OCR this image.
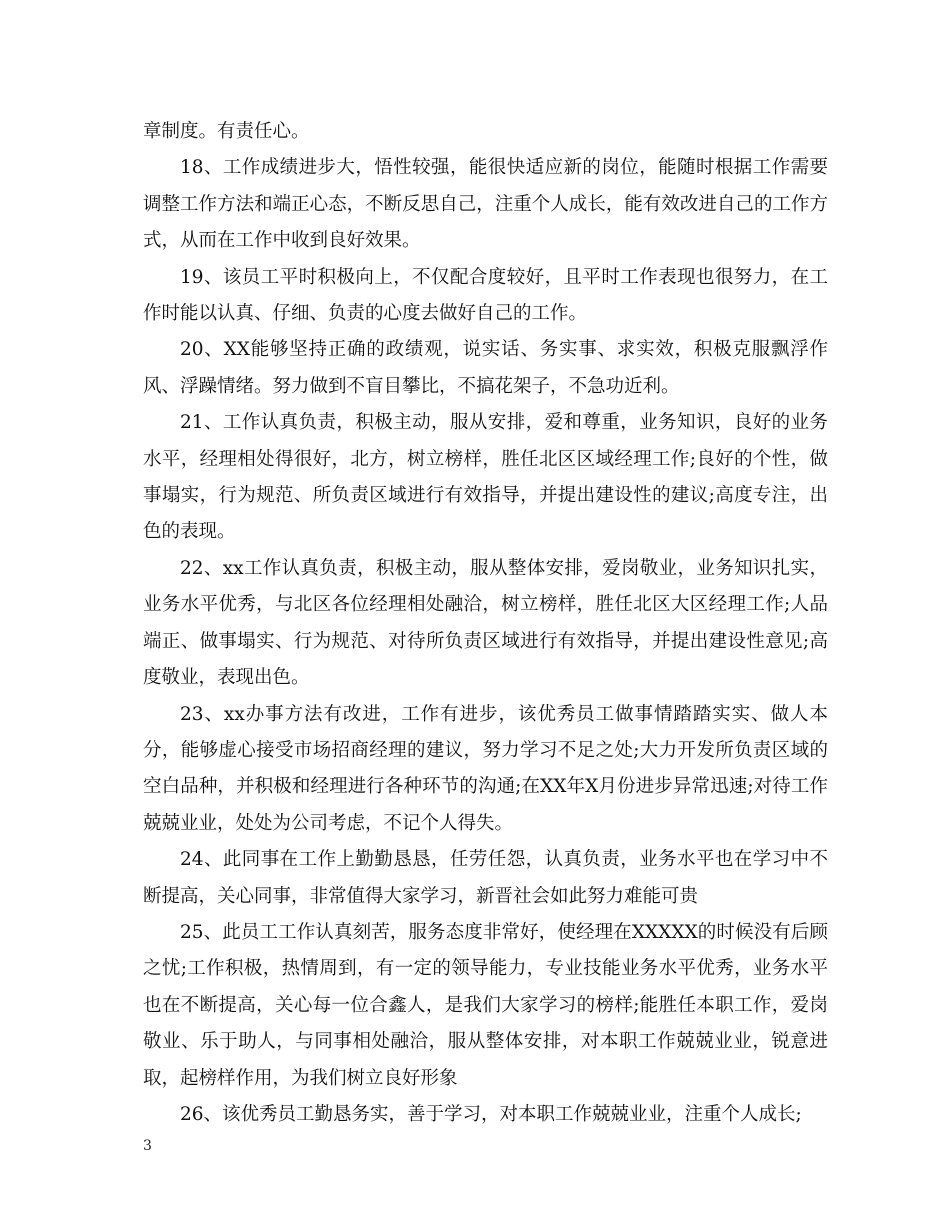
章制度。有责任心。

18、工作成绩进步大，悟性较强，能很快适应新的岗位，能随时根据工作需要调整工作方法和端正心态，不断反思自己，注重个人成长，能有效改进自己的工作方式，从而在工作中收到良好效果。

19、该员工平时积极向上，不仅配合度较好，且平时工作表现也很努力，在工作时能以认真、仔细、负责的心度去做好自己的工作。

20、XX能够坚持正确的政绩观，说实话、务实事、求实效，积极克服飘浮作风、浮躁情绪。努力做到不盲目攀比，不搞花架子，不急功近利。

21、工作认真负责，积极主动，服从安排，爱和尊重，业务知识，良好的业务水平，经理相处得很好，北方，树立榜样，胜任北区区域经理工作;良好的个性，做事塌实，行为规范、所负责区域进行有效指导，并提出建设性的建议;高度专注，出色的表现。

22、xx工作认真负责，积极主动，服从整体安排，爱岗敬业，业务知识扎实，业务水平优秀，与北区各位经理相处融洽，树立榜样，胜任北区大区经理工作;人品端正、做事塌实、行为规范、对待所负责区域进行有效指导，并提出建设性意见;高度敬业，表现出色。

23、xx办事方法有改进，工作有进步，该优秀员工做事情踏踏实实、做人本分，能够虚心接受市场招商经理的建议，努力学习不足之处;大力开发所负责区域的空白品种，并积极和经理进行各种环节的沟通;在XX年X月份进步异常迅速;对待工作兢兢业业，处处为公司考虑，不记个人得失。

24、此同事在工作上勤勤恳恳，任劳任怨，认真负责，业务水平也在学习中不断提高，关心同事，非常值得大家学习，新晋社会如此努力难能可贵

25、此员工工作认真刻苦，服务态度非常好，使经理在XXXXX的时候没有后顾之忧;工作积极，热情周到，有一定的领导能力，专业技能业务水平优秀，业务水平也在不断提高，关心每一位合鑫人，是我们大家学习的榜样;能胜任本职工作，爱岗敬业、乐于助人，与同事相处融洽，服从整体安排，对本职工作兢兢业业，锐意进取，起榜样作用，为我们树立良好形象

26、该优秀员工勤恳务实，善于学习，对本职工作兢兢业业，注重个人成长;

3
